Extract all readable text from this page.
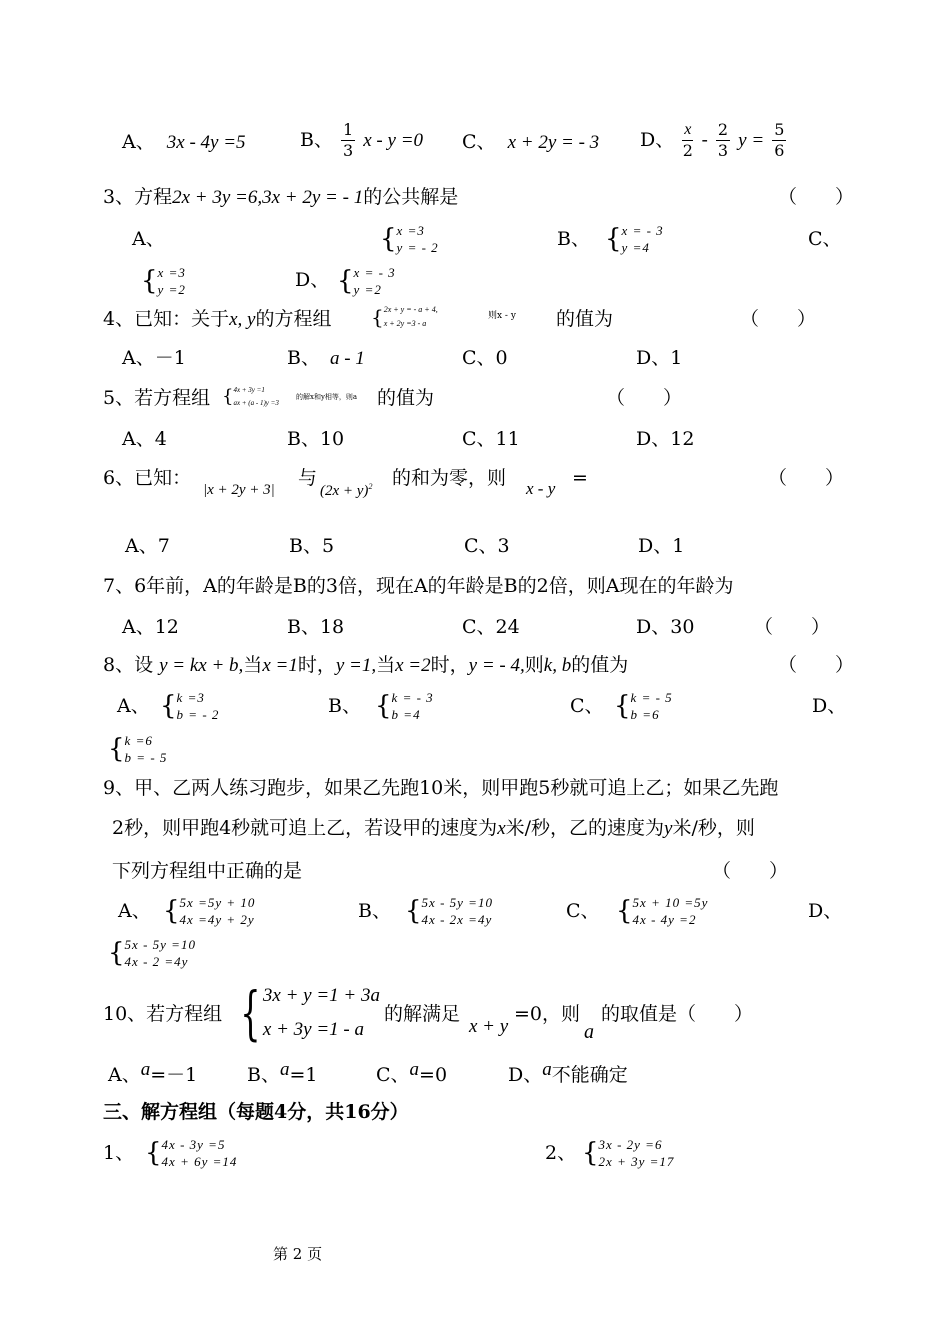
A、 3x - 4y =5	B、 $\frac{1}{3}$ x - y =0 C、 x + 2y = - 3 D、 $\frac{x}{2} - \frac{2}{3}$ $y = \frac{5}{6}$
3、方程2x + 3y =6,3x + 2y = - 1的公共解是	（　　）
A、	{ x =3
y = - 2	B、 { x = - 3
y =4	C、
{ x =3
y =2	D、 { x = - 3
y =2
4、已知：关于x, y的方程组 { 2x + y = - a + 4,
x + 2y =3 - a
则x - y 的值为	（　　）
A、－1	B、 a - 1	C、0	D、1
5、若方程组 { 4x + 3y =1
ax + (a - 1)y =3
的解x和y相等，则a 的值为	（　　）
A、4	B、10	C、11	D、12
6、已知：
|x + 2y + 3|
与
$(2x + y)^2$ 的和为零，则 x - y =	（　　）
A、7	B、5	C、3	D、1
7、6年前，A的年龄是B的3倍，现在A的年龄是B的2倍，则A现在的年龄为
A、12	B、18	C、24	D、30	（　　）
8、设 y = kx + b,当x =1时，y =1,当x =2时，y = - 4,则k, b的值为	（　　）
A、 { k =3
b = - 2	B、 { k = - 3
b =4	C、 { k = - 5
b =6	D、
{ k =6
b = - 5
9、甲、乙两人练习跑步，如果乙先跑10米，则甲跑5秒就可追上乙；如果乙先跑
2秒，则甲跑4秒就可追上乙，若设甲的速度为x米/秒，乙的速度为y米/秒，则
下列方程组中正确的是	（　　）
A、 { 5x =5y + 10
4x =4y + 2y	B、 { 5x - 5y =10
4x - 2x =4y	C、 { 5x + 10 =5y
4x - 4y =2	D、
{ 5x - 5y =10
4x - 2 =4y
10、若方程组 { 3x + y =1 + 3a
x + 3y =1 - a
的解满足
x + y
=0，则
a
的取值是（　　）
A、a=－1	B、a=1	C、a=0	D、a不能确定
三、解方程组（每题4分，共16分）
1、 { 4x - 3y =5
4x + 6y =14	2、 { 3x - 2y =6
2x + 3y =17
第 2 页
